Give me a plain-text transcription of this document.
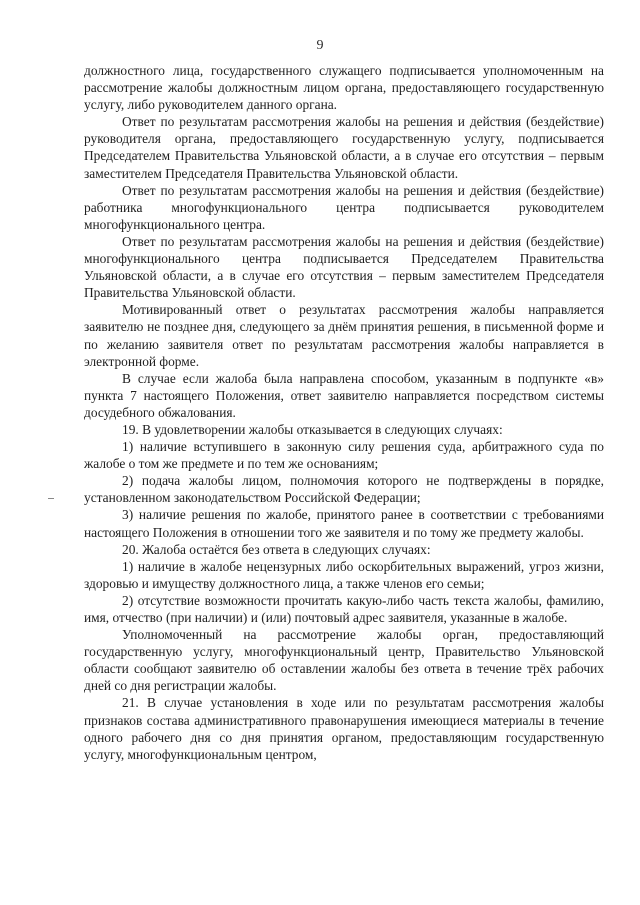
9

должностного лица, государственного служащего подписывается уполномоченным на рассмотрение жалобы должностным лицом органа, предоставляющего государственную услугу, либо руководителем данного органа.

Ответ по результатам рассмотрения жалобы на решения и действия (бездействие) руководителя органа, предоставляющего государственную услугу, подписывается Председателем Правительства Ульяновской области, а в случае его отсутствия – первым заместителем Председателя Правительства Ульяновской области.

Ответ по результатам рассмотрения жалобы на решения и действия (бездействие) работника многофункционального центра подписывается руководителем многофункционального центра.

Ответ по результатам рассмотрения жалобы на решения и действия (бездействие) многофункционального центра подписывается Председателем Правительства Ульяновской области, а в случае его отсутствия – первым заместителем Председателя Правительства Ульяновской области.

Мотивированный ответ о результатах рассмотрения жалобы направляется заявителю не позднее дня, следующего за днём принятия решения, в письменной форме и по желанию заявителя ответ по результатам рассмотрения жалобы направляется в электронной форме.

В случае если жалоба была направлена способом, указанным в подпункте «в» пункта 7 настоящего Положения, ответ заявителю направляется посредством системы досудебного обжалования.

19. В удовлетворении жалобы отказывается в следующих случаях:

1) наличие вступившего в законную силу решения суда, арбитражного суда по жалобе о том же предмете и по тем же основаниям;

2) подача жалобы лицом, полномочия которого не подтверждены в порядке, установленном законодательством Российской Федерации;

3) наличие решения по жалобе, принятого ранее в соответствии с требованиями настоящего Положения в отношении того же заявителя и по тому же предмету жалобы.

20. Жалоба остаётся без ответа в следующих случаях:

1) наличие в жалобе нецензурных либо оскорбительных выражений, угроз жизни, здоровью и имуществу должностного лица, а также членов его семьи;

2) отсутствие возможности прочитать какую-либо часть текста жалобы, фамилию, имя, отчество (при наличии) и (или) почтовый адрес заявителя, указанные в жалобе.

Уполномоченный на рассмотрение жалобы орган, предоставляющий государственную услугу, многофункциональный центр, Правительство Ульяновской области сообщают заявителю об оставлении жалобы без ответа в течение трёх рабочих дней со дня регистрации жалобы.

21. В случае установления в ходе или по результатам рассмотрения жалобы признаков состава административного правонарушения имеющиеся материалы в течение одного рабочего дня со дня принятия органом, предоставляющим государственную услугу, многофункциональным центром,
